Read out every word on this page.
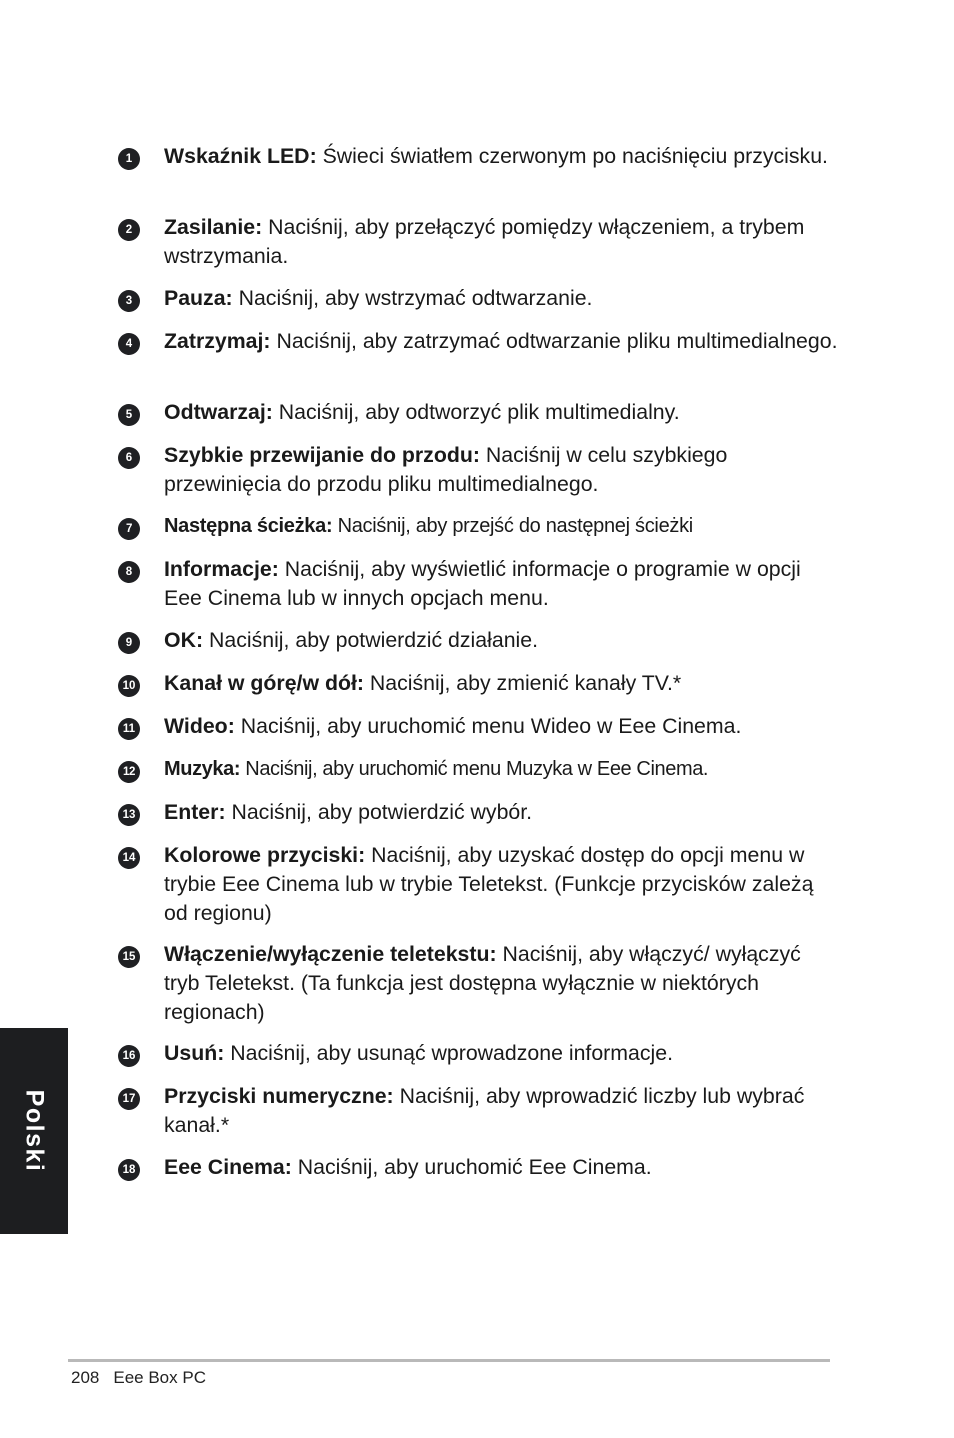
1	Wskaźnik LED: Świeci światłem czerwonym po naciśnięciu przycisku.
2	Zasilanie: Naciśnij, aby przełączyć pomiędzy włączeniem, a trybem wstrzymania.
3	Pauza: Naciśnij, aby wstrzymać odtwarzanie.
4	Zatrzymaj: Naciśnij, aby zatrzymać odtwarzanie pliku multimedialnego.
5	Odtwarzaj: Naciśnij, aby odtworzyć plik multimedialny.
6	Szybkie przewijanie do przodu: Naciśnij w celu szybkiego przewinięcia do przodu pliku multimedialnego.
7	Następna ścieżka: Naciśnij, aby przejść do następnej ścieżki
8	Informacje: Naciśnij, aby wyświetlić informacje o programie w opcji Eee Cinema lub w innych opcjach menu.
9	OK: Naciśnij, aby potwierdzić działanie.
10 Kanał w górę/w dół: Naciśnij, aby zmienić kanały TV.*
11 Wideo: Naciśnij, aby uruchomić menu Wideo w Eee Cinema.
12 Muzyka: Naciśnij, aby uruchomić menu Muzyka w Eee Cinema.
13 Enter: Naciśnij, aby potwierdzić wybór.
14 Kolorowe przyciski: Naciśnij, aby uzyskać dostęp do opcji menu w trybie Eee Cinema lub w trybie Teletekst. (Funkcje przycisków zależą od regionu)
15 Włączenie/wyłączenie teletekstu: Naciśnij, aby włączyć/ wyłączyć tryb Teletekst. (Ta funkcja jest dostępna wyłącznie w niektórych regionach)
16 Usuń: Naciśnij, aby usunąć wprowadzone informacje.
17 Przyciski numeryczne: Naciśnij, aby wprowadzić liczby lub wybrać kanał.*
18 Eee Cinema: Naciśnij, aby uruchomić Eee Cinema.
Polski
208 Eee Box PC
